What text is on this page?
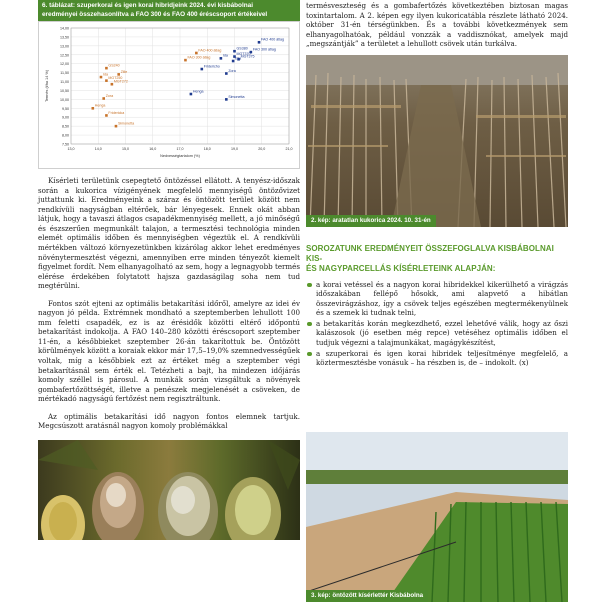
6. táblázat: szuperkorai és igen korai hibridjeink 2024. évi kisbábolnai
eredményei összehasonlítva a FAO 300 és FAO 400 éréscsoport értékeivel
7,50
8,00
8,50
9,00
9,50
10,00
10,50
11,00
11,50
12,00
12,50
13,00
13,50
14,00
13,0	14,0	15,0	16,0	17,0	18,0	19,0	20,0	21,0
Nedvességtartalom (%)
Termés (t/ha 14 %)
FAO 400 átlag
GS380 FAO 300 átlag
MGT370
Ida	MGT375
Ella
Fridericho
Zora
Henga
Simonetta
FAO 400 átlag
FAO 300 átlag
GS240
Zille
Ida
MGT250
MGT272
Zora
Henga
Fridericka
Simonetta

Kísérleti területünk csepegtető öntözéssel ellátott. A tenyész-időszak során a kukorica vízigényének megfelelő mennyiségű öntözővizet juttattunk ki. Eredményeink a száraz és öntözött terület között nem rendkívüli nagyságban eltérőek, bár lényegesek. Ennek okát abban látjuk, hogy a tavaszi átlagos csapadékmennyiség mellett, a jó minőségű és észszerűen megmunkált talajon, a termesztési technológia minden elemét optimális időben és mennyiségben végeztük el. A rendkívüli mértékben változó környezetünkben kizárólag akkor lehet eredményes növénytermesztést végezni, amennyiben erre minden tényezőt kiemelt figyelmet fordít. Nem elhanyagolható az sem, hogy a legnagyobb termés elérése érdekében folytatott hajsza gazdaságilag soha nem tud megtérülni.

Fontos szót ejteni az optimális betakarítási időről, amelyre az idei év nagyon jó példa. Extrémnek mondható a szeptemberben lehullott 100 mm feletti csapadék, ez is az érésidők közötti eltérő időpontú betakarítást indokolja. A FAO 140–280 közötti éréscsoport szeptember 11-én, a későbbieket szeptember 26-án takarítottuk be. Öntözött körülmények között a koraiak ekkor már 17,5–19,0% szemnedvességűek voltak, míg a későbbiek ezt az értéket még a szeptember végi betakarításnál sem érték el. Tetézheti a bajt, ha mindezen időjárás komoly széllel is párosul. A munkák során vizsgáltuk a növények gombafertőzöttségét, illetve a penészek megjelenését a csöveken, de mértékadó nagyságú fertőzést nem regisztráltunk.

Az optimális betakarítási idő nagyon fontos elemnek tartjuk. Megcsúszott aratásnál nagyon komoly problémákkal

termésveszteség és a gombafertőzés következtében biztosan magas toxintartalom. A 2. képen egy ilyen kukoricatábla részlete látható 2024. október 31-én térségünkben. És a további következmények sem elhanyagolhatóak, például vonzzák a vaddisznókat, amelyek majd „megszántják” a területet a lehullott csövek után turkálva.

2. kép: aratatlan kukorica 2024. 10. 31-én
SOROZATUNK EREDMÉNYEIT ÖSSZEFOGLALVA KISBÁBOLNAI KIS-
ÉS NAGYPARCELLÁS KÍSÉRLETEINK ALAPJÁN:
a korai vetéssel és a nagyon korai hibridekkel kikerülhető a virágzás időszakában fellépő hősokk, ami alapvető a hibátlan összevirágzáshoz, így a csövek teljes egészében megtermékenyülnek és a szemek ki tudnak telni,
a betakarítás korán megkezdhető, ezzel lehetővé válik, hogy az őszi kalászosok (jó esetben még repce) vetéséhez optimális időben el tudjuk végezni a talajmunkákat, magágykészítést,
a szuperkorai és igen korai hibridek teljesítménye megfelelő, a köztermesztésbe vonásuk – ha részben is, de – indokolt. (x)
3. kép: öntözött kísérlettér Kisbábolna
